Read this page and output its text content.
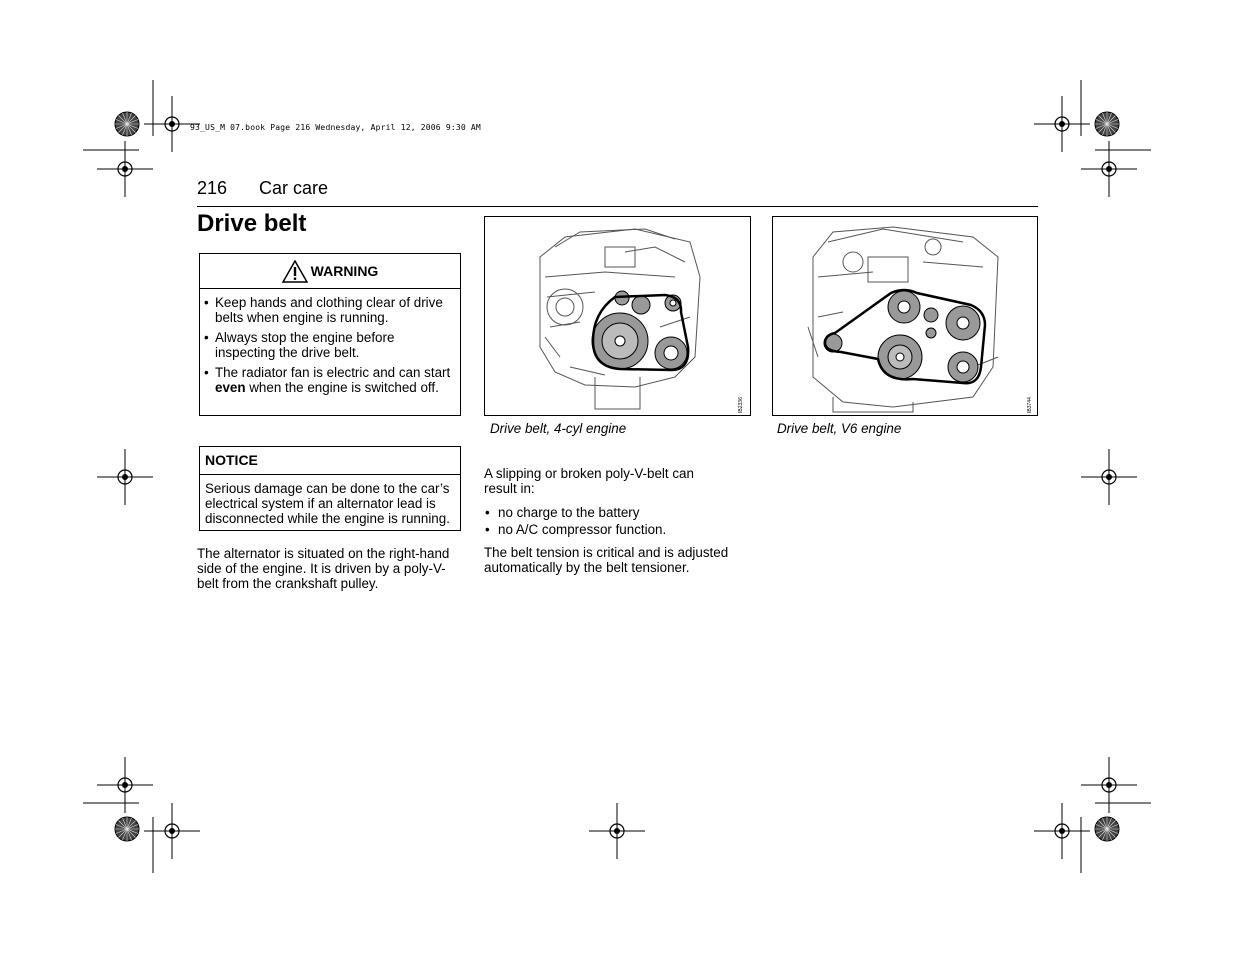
93_US_M 07.book Page 216 Wednesday, April 12, 2006 9:30 AM
216 Car care
Drive belt
WARNING
• Keep hands and clothing clear of drive belts when engine is running.
• Always stop the engine before inspecting the drive belt.
• The radiator fan is electric and can start even when the engine is switched off.
NOTICE
Serious damage can be done to the car’s electrical system if an alternator lead is disconnected while the engine is running.
The alternator is situated on the right-hand side of the engine. It is driven by a poly-V-belt from the crankshaft pulley.
IB2336
Drive belt, 4-cyl engine
IB3744
Drive belt, V6 engine
A slipping or broken poly-V-belt can result in:
• no charge to the battery
• no A/C compressor function.
The belt tension is critical and is adjusted automatically by the belt tensioner.
